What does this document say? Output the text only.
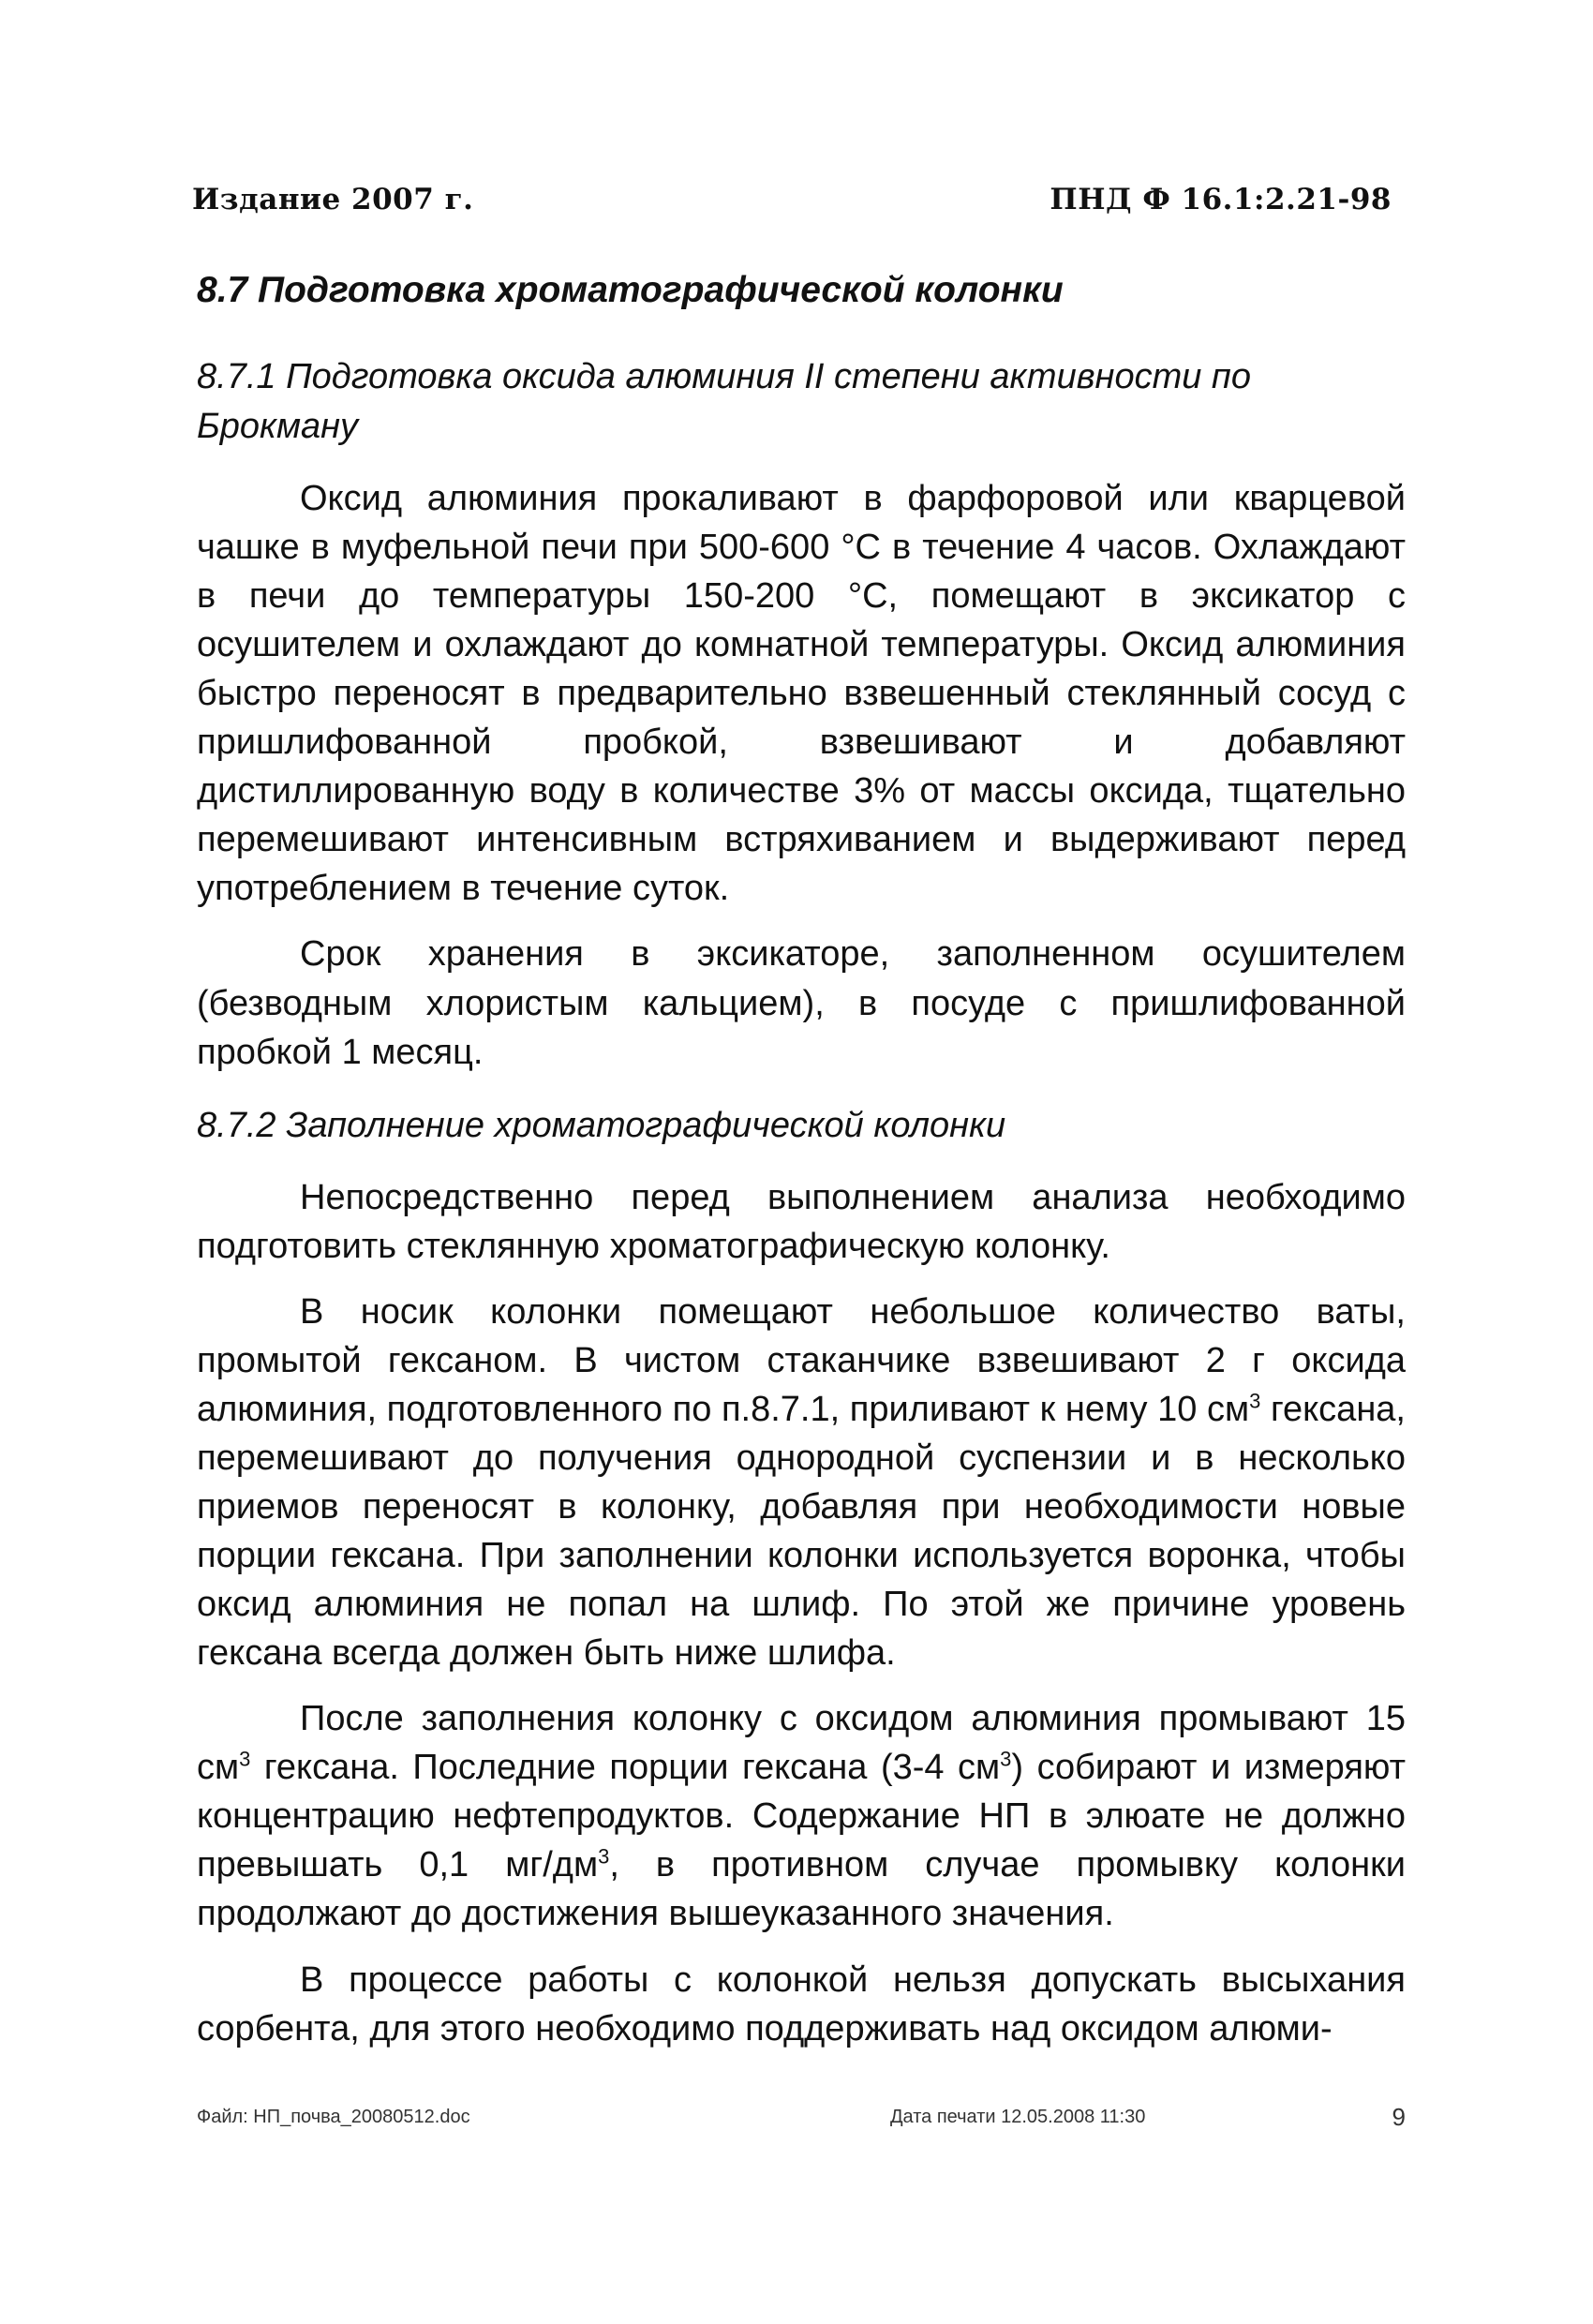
Издание 2007 г.	ПНД Ф 16.1:2.21-98
8.7 Подготовка хроматографической колонки
8.7.1 Подготовка оксида алюминия II степени активности по Брокману

Оксид алюминия прокаливают в фарфоровой или кварцевой чашке в муфельной печи при 500-600 °С в течение 4 часов. Охлаждают в печи до температуры 150-200 °С, помещают в эксикатор с осушителем и охлаждают до комнатной температуры. Оксид алюминия быстро переносят в предварительно взвешенный стеклянный сосуд с пришлифованной пробкой, взвешивают и добавляют дистиллированную воду в количестве 3% от массы оксида, тщательно перемешивают интенсивным встряхиванием и выдерживают перед употреблением в течение суток.

Срок хранения в эксикаторе, заполненном осушителем (безводным хлористым кальцием), в посуде с пришлифованной пробкой 1 месяц.

8.7.2 Заполнение хроматографической колонки

Непосредственно перед выполнением анализа необходимо подготовить стеклянную хроматографическую колонку.

В носик колонки помещают небольшое количество ваты, промытой гексаном. В чистом стаканчике взвешивают 2 г оксида алюминия, подготовленного по п.8.7.1, приливают к нему 10 $см^3$ гексана, перемешивают до получения однородной суспензии и в несколько приемов переносят в колонку, добавляя при необходимости новые порции гексана. При заполнении колонки используется воронка, чтобы оксид алюминия не попал на шлиф. По этой же причине уровень гексана всегда должен быть ниже шлифа.

После заполнения колонку с оксидом алюминия промывают 15 $см^3$ гексана. Последние порции гексана (3-4 $см^3$) собирают и измеряют концентрацию нефтепродуктов. Содержание НП в элюате не должно превышать 0,1 $мг/дм^3$, в противном случае промывку колонки продолжают до достижения вышеуказанного значения.

В процессе работы с колонкой нельзя допускать высыхания сорбента, для этого необходимо поддерживать над оксидом алюми-

Файл: НП_почва_20080512.doc	Дата печати 12.05.2008 11:30	9
